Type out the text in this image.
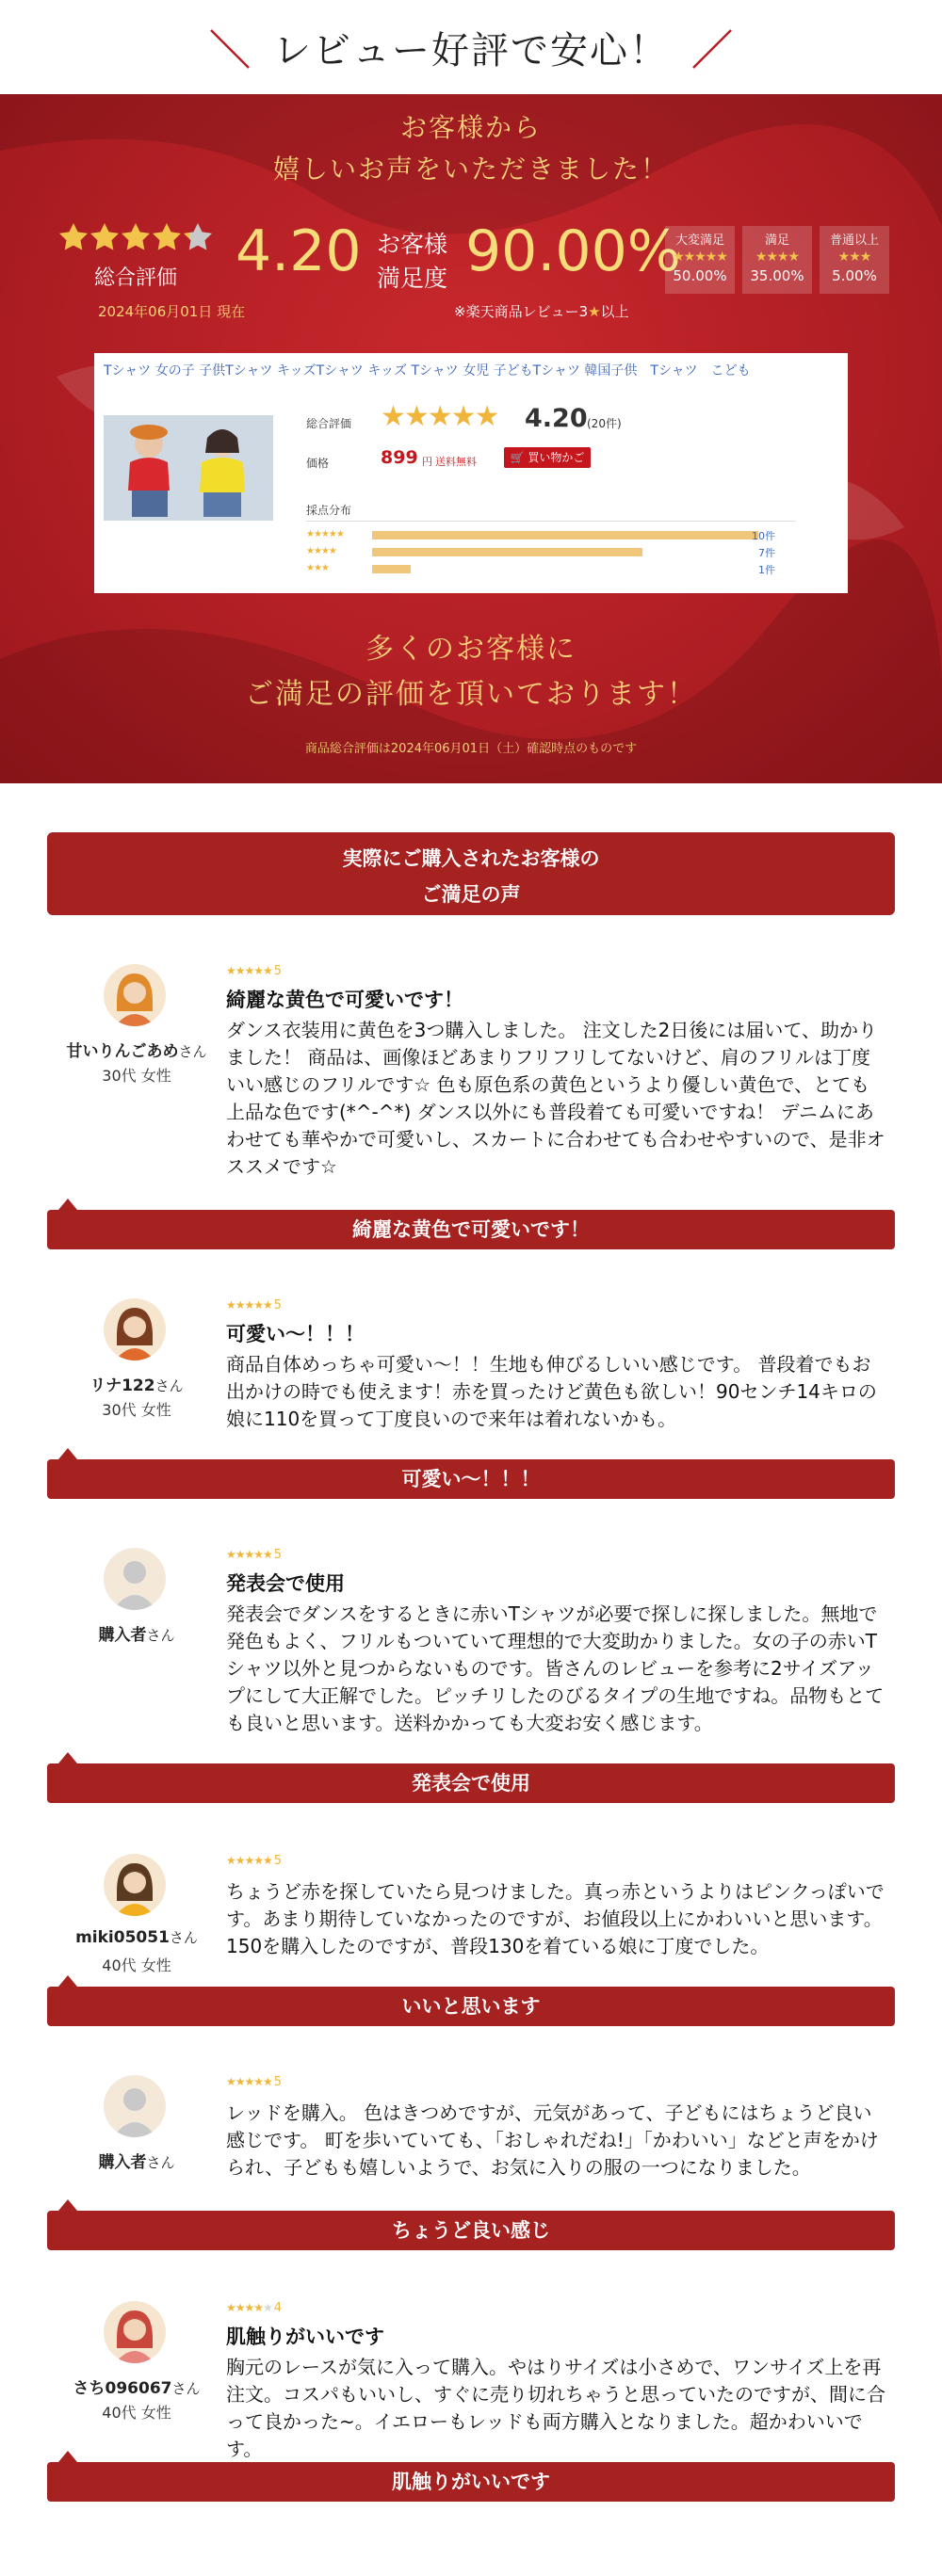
レビュー好評で安心！
お客様から
嬉しいお声をいただきました！
総合評価
2024年06月01日 現在
4.20 お客様
満足度 90.00%
大変満足
★★★★★
50.00%
満足
★★★★
35.00%
普通以上
★★★
5.00%
※楽天商品レビュー3★以上
Tシャツ 女の子 子供Tシャツ キッズTシャツ キッズ Tシャツ 女児 子どもTシャツ 韓国子供　Tシャツ　こども
総合評価 ★★★★★ 4.20 (20件)
価格	899 円 送料無料	🛒 買い物かご
採点分布
★★★★★	10件
★★★★	7件
★★★	1件
多くのお客様に
ご満足の評価を頂いております！
商品総合評価は2024年06月01日（土）確認時点のものです
実際にご購入されたお客様の
ご満足の声
甘いりんごあめさん
30代 女性
★★★★★ 5
綺麗な黄色で可愛いです！
ダンス衣装用に黄色を3つ購入しました。 注文した2日後には届いて、助かりました！ 商品は、画像ほどあまりフリフリしてないけど、肩のフリルは丁度いい感じのフリルです☆ 色も原色系の黄色というより優しい黄色で、とても上品な色です(*^-^*) ダンス以外にも普段着ても可愛いですね！ デニムにあわせても華やかで可愛いし、スカートに合わせても合わせやすいので、是非オススメです☆
綺麗な黄色で可愛いです！
リナ122さん
30代 女性
★★★★★ 5
可愛い〜！！！
商品自体めっちゃ可愛い〜！！生地も伸びるしいい感じです。 普段着でもお出かけの時でも使えます！赤を買ったけど黄色も欲しい！90センチ14キロの娘に110を買って丁度良いので来年は着れないかも。
可愛い〜！！！
購入者さん
★★★★★ 5
発表会で使用
発表会でダンスをするときに赤いTシャツが必要で探しに探しました。無地で発色もよく、フリルもついていて理想的で大変助かりました。女の子の赤いTシャツ以外と見つからないものです。皆さんのレビューを参考に2サイズアップにして大正解でした。ピッチリしたのびるタイプの生地ですね。品物もとても良いと思います。送料かかっても大変お安く感じます。
発表会で使用
miki05051さん
40代 女性
★★★★★ 5
ちょうど赤を探していたら見つけました。真っ赤というよりはピンクっぽいです。あまり期待していなかったのですが、お値段以上にかわいいと思います。150を購入したのですが、普段130を着ている娘に丁度でした。
いいと思います
購入者さん
★★★★★ 5
レッドを購入。 色はきつめですが、元気があって、子どもにはちょうど良い感じです。 町を歩いていても、「おしゃれだね!」「かわいい」などと声をかけられ、子どもも嬉しいようで、お気に入りの服の一つになりました。
ちょうど良い感じ
さち096067さん
40代 女性
★★★★★ 4
肌触りがいいです
胸元のレースが気に入って購入。やはりサイズは小さめで、ワンサイズ上を再注文。コスパもいいし、すぐに売り切れちゃうと思っていたのですが、間に合って良かった~。イエローもレッドも両方購入となりました。超かわいいです。
肌触りがいいです
